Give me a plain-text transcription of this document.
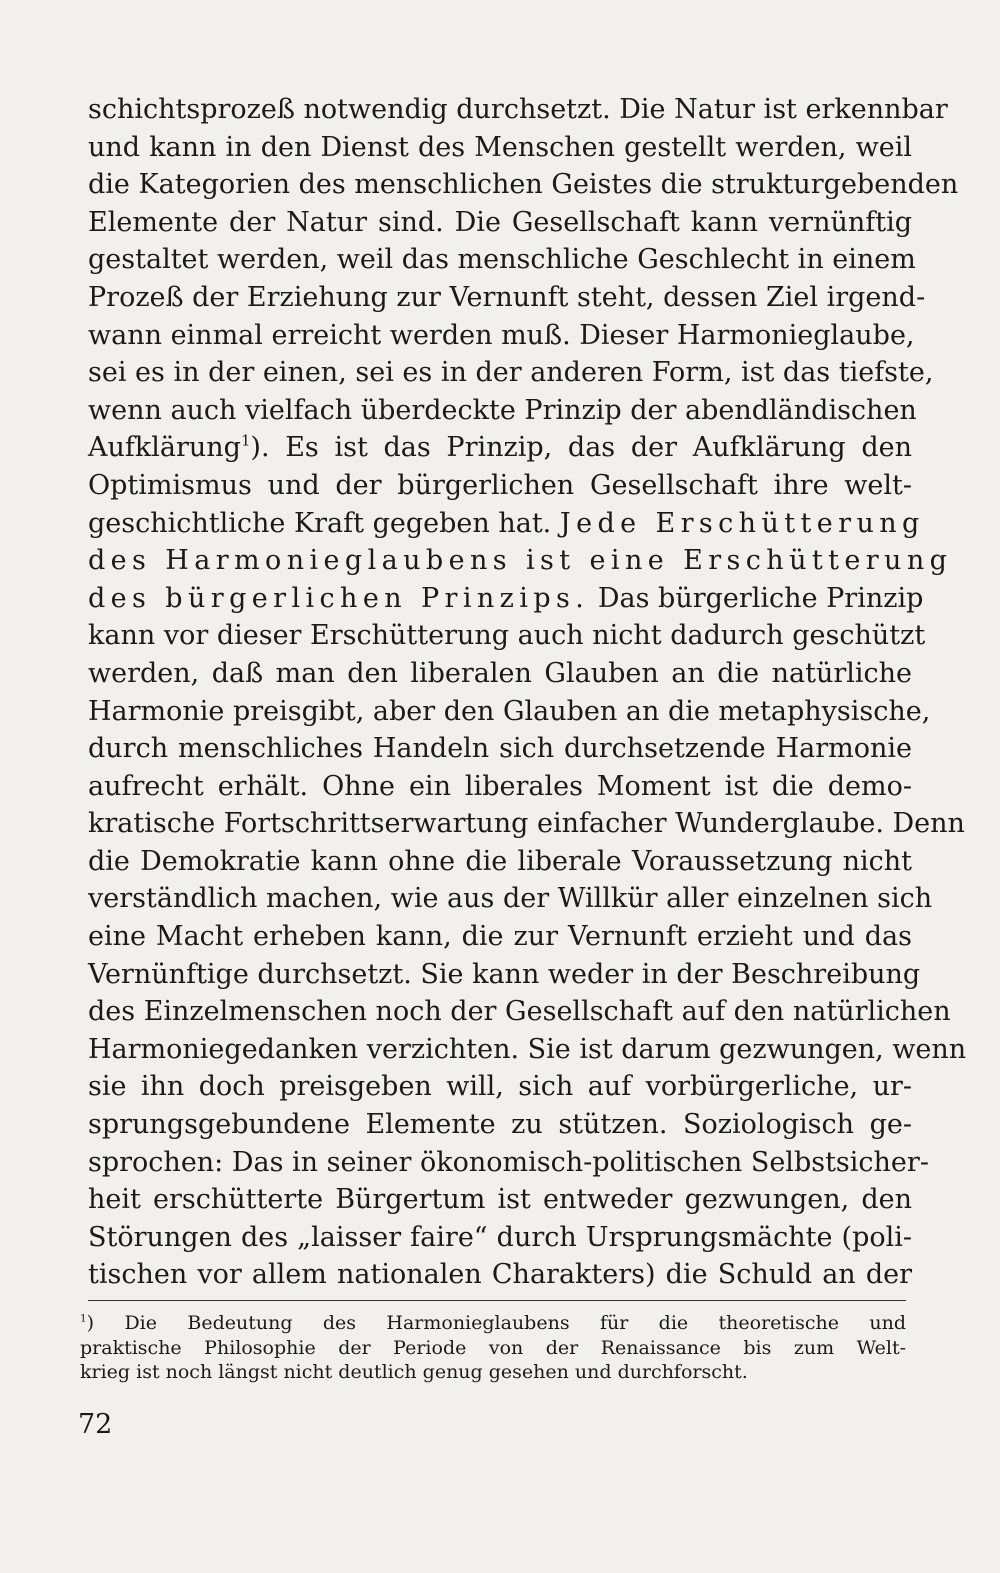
schichtsprozeß notwendig durchsetzt. Die Natur ist erkennbar
und kann in den Dienst des Menschen gestellt werden, weil
die Kategorien des menschlichen Geistes die strukturgebenden
Elemente der Natur sind. Die Gesellschaft kann vernünftig
gestaltet werden, weil das menschliche Geschlecht in einem
Prozeß der Erziehung zur Vernunft steht, dessen Ziel irgend-
wann einmal erreicht werden muß. Dieser Harmonieglaube,
sei es in der einen, sei es in der anderen Form, ist das tiefste,
wenn auch vielfach überdeckte Prinzip der abendländischen
Aufklärung$^1$). Es ist das Prinzip, das der Aufklärung den
Optimismus und der bürgerlichen Gesellschaft ihre welt-
geschichtliche Kraft gegeben hat. Jede Erschütterung
des Harmonieglaubens ist eine Erschütterung
des bürgerlichen Prinzips. Das bürgerliche Prinzip
kann vor dieser Erschütterung auch nicht dadurch geschützt
werden, daß man den liberalen Glauben an die natürliche
Harmonie preisgibt, aber den Glauben an die metaphysische,
durch menschliches Handeln sich durchsetzende Harmonie
aufrecht erhält. Ohne ein liberales Moment ist die demo-
kratische Fortschrittserwartung einfacher Wunderglaube. Denn
die Demokratie kann ohne die liberale Voraussetzung nicht
verständlich machen, wie aus der Willkür aller einzelnen sich
eine Macht erheben kann, die zur Vernunft erzieht und das
Vernünftige durchsetzt. Sie kann weder in der Beschreibung
des Einzelmenschen noch der Gesellschaft auf den natürlichen
Harmoniegedanken verzichten. Sie ist darum gezwungen, wenn
sie ihn doch preisgeben will, sich auf vorbürgerliche, ur-
sprungsgebundene Elemente zu stützen. Soziologisch ge-
sprochen: Das in seiner ökonomisch-politischen Selbstsicher-
heit erschütterte Bürgertum ist entweder gezwungen, den
Störungen des „laisser faire“ durch Ursprungsmächte (poli-
tischen vor allem nationalen Charakters) die Schuld an der
$^1$) Die Bedeutung des Harmonieglaubens für die theoretische und
praktische Philosophie der Periode von der Renaissance bis zum Welt-
krieg ist noch längst nicht deutlich genug gesehen und durchforscht.
72
